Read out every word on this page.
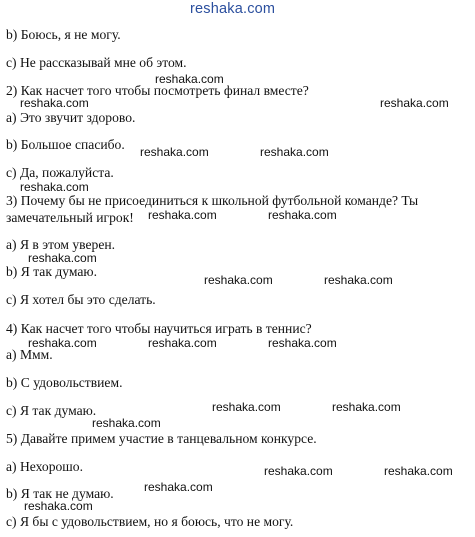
reshaka.com
b) Боюсь, я не могу.
c) Не рассказывай мне об этом.
2) Как насчет того чтобы посмотреть финал вместе?
a) Это звучит здорово.
b) Большое спасибо.
c) Да, пожалуйста.
3) Почему бы не присоединиться к школьной футбольной команде? Ты
замечательный игрок!
a) Я в этом уверен.
b) Я так думаю.
c) Я хотел бы это сделать.
4) Как насчет того чтобы научиться играть в теннис?
a) Ммм.
b) С удовольствием.
c) Я так думаю.
5) Давайте примем участие в танцевальном конкурсе.
a) Нехорошо.
b) Я так не думаю.
c) Я бы с удовольствием, но я боюсь, что не могу.
reshaka.com
reshaka.com	reshaka.com
reshaka.com	reshaka.com
reshaka.com
reshaka.com	reshaka.com
reshaka.com
reshaka.com	reshaka.com
reshaka.com	reshaka.com	reshaka.com
reshaka.com	reshaka.com
reshaka.com
reshaka.com	reshaka.com
reshaka.com
reshaka.com
